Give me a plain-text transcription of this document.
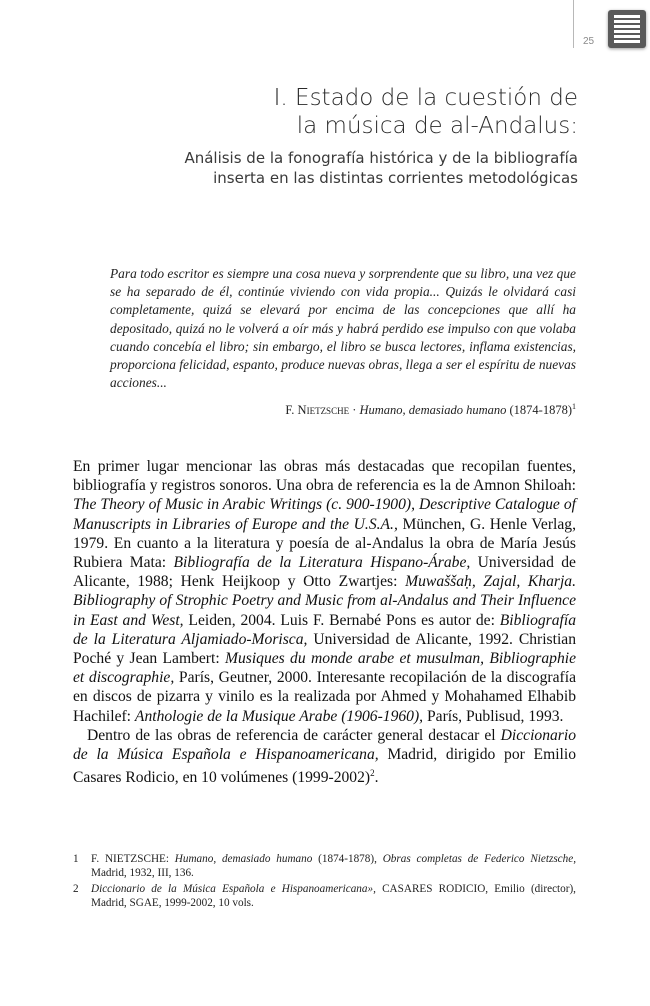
25
I. Estado de la cuestión de
la música de al-Andalus:
Análisis de la fonografía histórica y de la bibliografía
inserta en las distintas corrientes metodológicas

Para todo escritor es siempre una cosa nueva y sorprendente que su libro, una vez que se ha separado de él, continúe viviendo con vida propia... Quizás le olvidará casi completamente, quizá se elevará por encima de las concepciones que allí ha depositado, quizá no le volverá a oír más y habrá perdido ese impulso con que volaba cuando concebía el libro; sin embargo, el libro se busca lectores, inflama existencias, proporciona felicidad, espanto, produce nuevas obras, llega a ser el espíritu de nuevas acciones...

F. Nietzsche · Humano, demasiado humano (1874-1878)$^1$

En primer lugar mencionar las obras más destacadas que recopilan fuentes, bibliografía y registros sonoros. Una obra de referencia es la de Amnon Shiloah: The Theory of Music in Arabic Writings (c. 900-1900), Descriptive Catalogue of Manuscripts in Libraries of Europe and the U.S.A., München, G. Henle Verlag, 1979. En cuanto a la literatura y poesía de al-Andalus la obra de María Jesús Rubiera Mata: Bibliografía de la Literatura Hispano-Árabe, Universidad de Alicante, 1988; Henk Heijkoop y Otto Zwartjes: Muwaššaḥ, Zajal, Kharja. Bibliography of Strophic Poetry and Music from al-Andalus and Their Influence in East and West, Leiden, 2004. Luis F. Bernabé Pons es autor de: Bibliografía de la Literatura Aljamiado-Morisca, Universidad de Alicante, 1992. Christian Poché y Jean Lambert: Musiques du monde arabe et musulman, Bibliographie et discographie, París, Geutner, 2000. Interesante recopilación de la discografía en discos de pizarra y vinilo es la realizada por Ahmed y Mohahamed Elhabib Hachilef: Anthologie de la Musique Arabe (1906-1960), París, Publisud, 1993.

Dentro de las obras de referencia de carácter general destacar el Diccionario de la Música Española e Hispanoamericana, Madrid, dirigido por Emilio Casares Rodicio, en 10 volúmenes (1999-2002)$^2$.

1	F. NIETZSCHE: Humano, demasiado humano (1874-1878), Obras completas de Federico Nietzsche, Madrid, 1932, III, 136.
2	Diccionario de la Música Española e Hispanoamericana», CASARES RODICIO, Emilio (director), Madrid, SGAE, 1999-2002, 10 vols.
